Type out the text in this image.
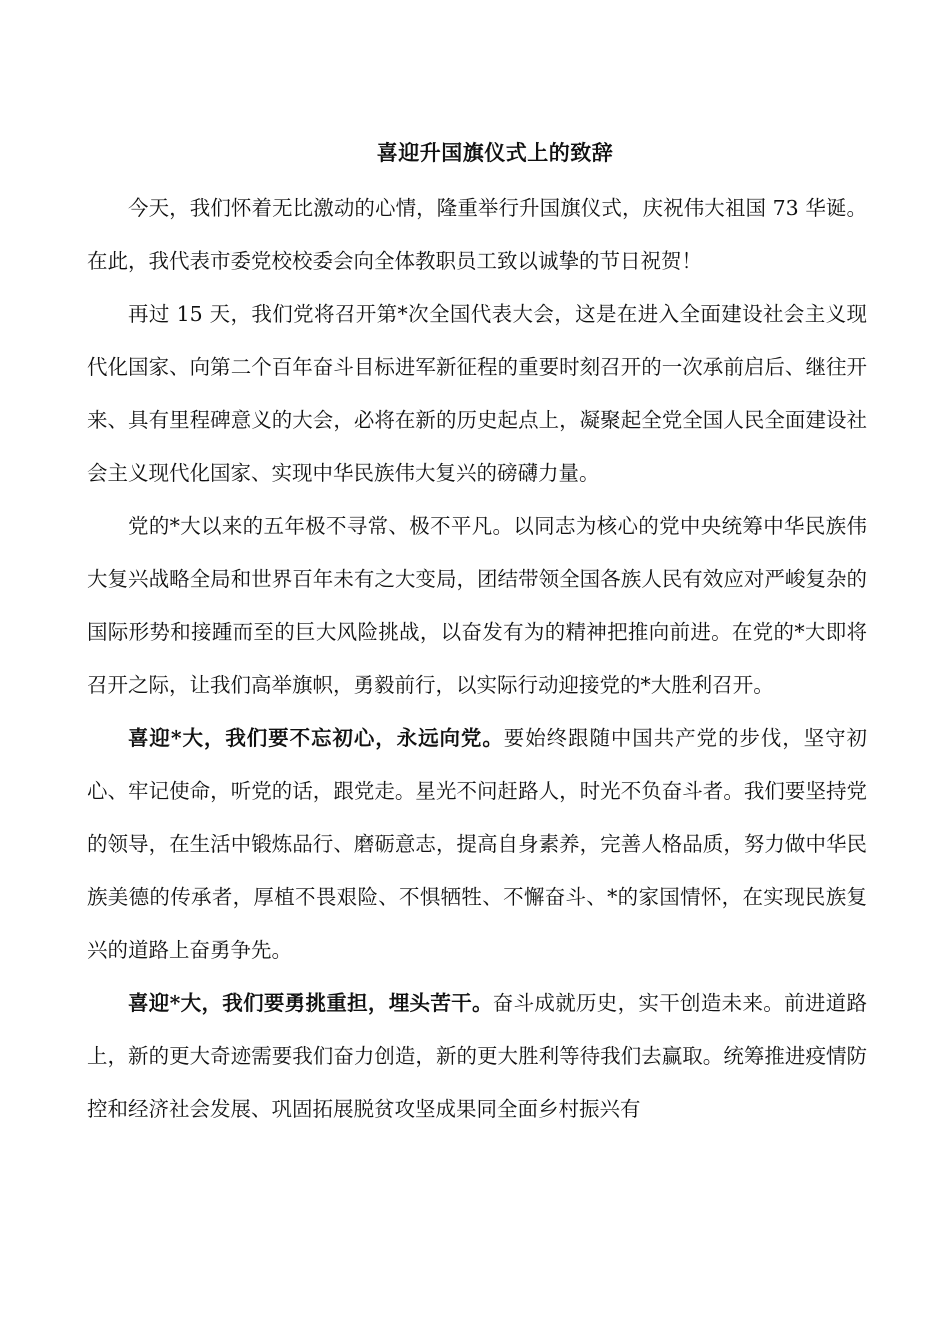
喜迎升国旗仪式上的致辞

今天，我们怀着无比激动的心情，隆重举行升国旗仪式，庆祝伟大祖国 73 华诞。在此，我代表市委党校校委会向全体教职员工致以诚挚的节日祝贺！

再过 15 天，我们党将召开第*次全国代表大会，这是在进入全面建设社会主义现代化国家、向第二个百年奋斗目标进军新征程的重要时刻召开的一次承前启后、继往开来、具有里程碑意义的大会，必将在新的历史起点上，凝聚起全党全国人民全面建设社会主义现代化国家、实现中华民族伟大复兴的磅礴力量。

党的*大以来的五年极不寻常、极不平凡。以同志为核心的党中央统筹中华民族伟大复兴战略全局和世界百年未有之大变局，团结带领全国各族人民有效应对严峻复杂的国际形势和接踵而至的巨大风险挑战，以奋发有为的精神把推向前进。在党的*大即将召开之际，让我们高举旗帜，勇毅前行，以实际行动迎接党的*大胜利召开。

喜迎*大，我们要不忘初心，永远向党。要始终跟随中国共产党的步伐，坚守初心、牢记使命，听党的话，跟党走。星光不问赶路人，时光不负奋斗者。我们要坚持党的领导，在生活中锻炼品行、磨砺意志，提高自身素养，完善人格品质，努力做中华民族美德的传承者，厚植不畏艰险、不惧牺牲、不懈奋斗、*的家国情怀，在实现民族复兴的道路上奋勇争先。

喜迎*大，我们要勇挑重担，埋头苦干。奋斗成就历史，实干创造未来。前进道路上，新的更大奇迹需要我们奋力创造，新的更大胜利等待我们去赢取。统筹推进疫情防控和经济社会发展、巩固拓展脱贫攻坚成果同全面乡村振兴有
